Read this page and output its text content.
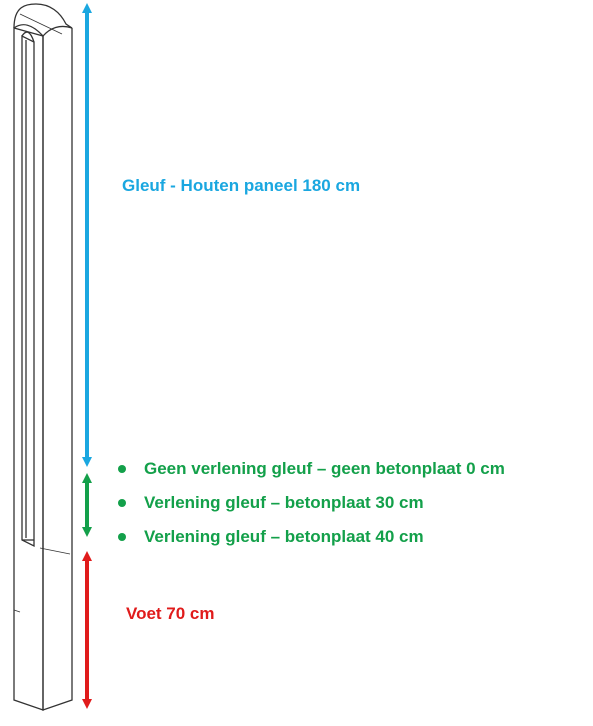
Gleuf - Houten paneel 180 cm
Geen verlening gleuf – geen betonplaat 0 cm
Verlening gleuf – betonplaat 30 cm
Verlening gleuf – betonplaat 40 cm
Voet 70 cm
